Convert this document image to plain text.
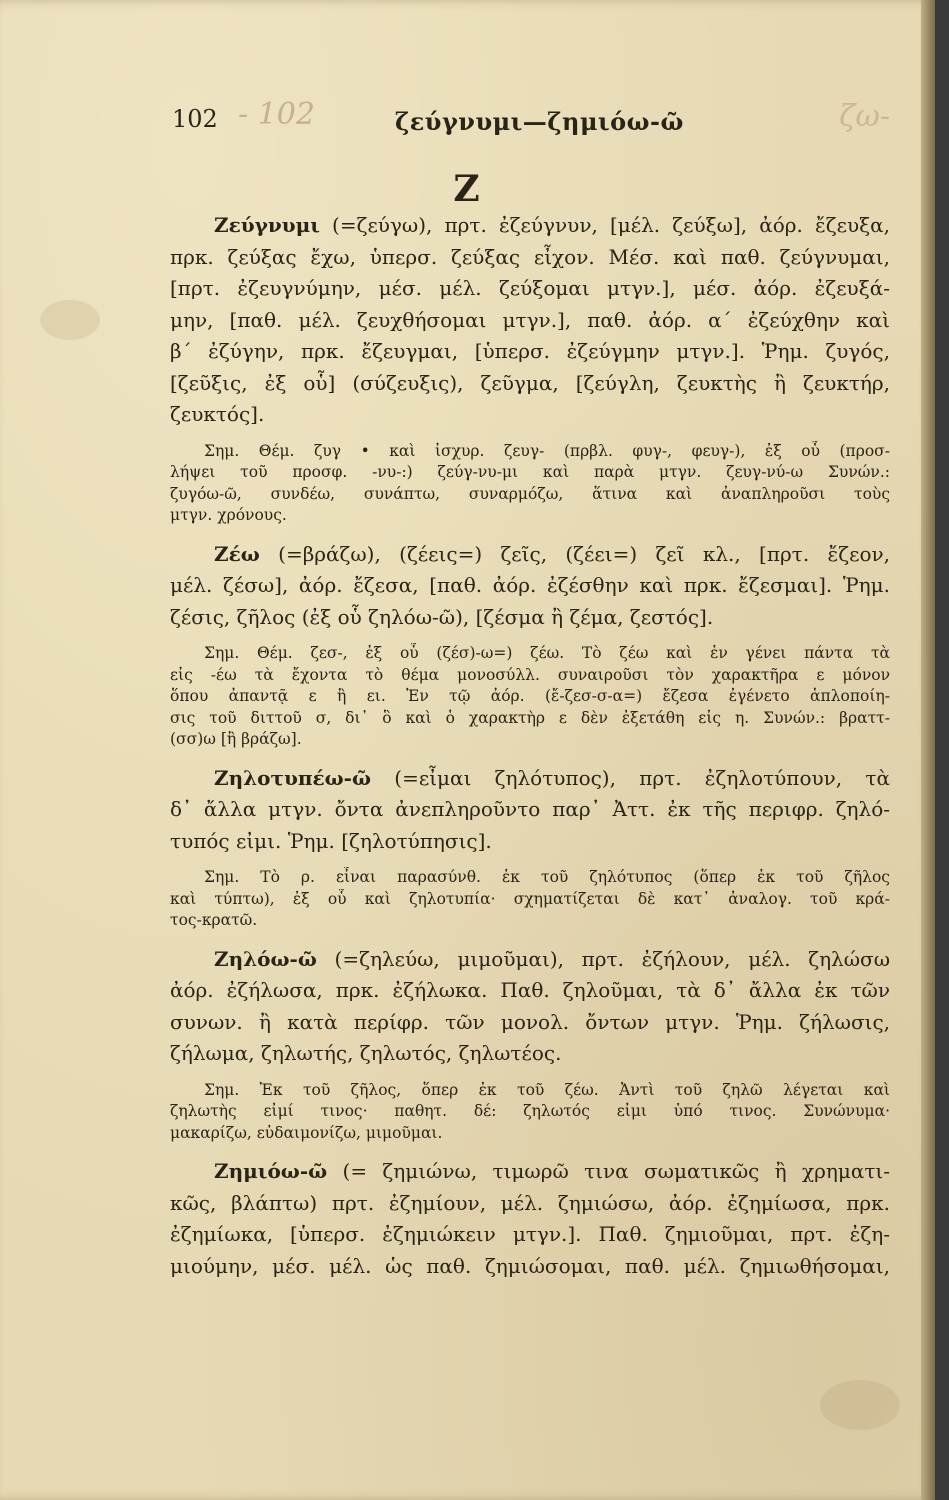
102 - 102	ζεύγνυμι—ζημιόω-ῶ	ζω-
Z
Ζεύγνυμι (=ζεύγω), πρτ. ἐζεύγνυν, [μέλ. ζεύξω], ἀόρ. ἔζευξα,
πρκ. ζεύξας ἔχω, ὑπερσ. ζεύξας εἶχον. Μέσ. καὶ παθ. ζεύγνυμαι,
[πρτ. ἐζευγνύμην, μέσ. μέλ. ζεύξομαι μτγν.], μέσ. ἀόρ. ἐζευξά-
μην, [παθ. μέλ. ζευχθήσομαι μτγν.], παθ. ἀόρ. α´ ἐζεύχθην καὶ
β´ ἐζύγην, πρκ. ἔζευγμαι, [ὑπερσ. ἐζεύγμην μτγν.]. Ῥημ. ζυγός,
[ζεῦξις, ἐξ οὗ] (σύζευξις), ζεῦγμα, [ζεύγλη, ζευκτὴς ἢ ζευκτήρ,
ζευκτός].
Σημ. Θέμ. ζυγ • καὶ ἰσχυρ. ζευγ- (πρβλ. φυγ-, φευγ-), ἐξ οὗ (προσ-
λήψει τοῦ προσφ. -νυ-:) ζεύγ-νυ-μι καὶ παρὰ μτγν. ζευγ-νύ-ω Συνών.:
ζυγόω-ῶ, συνδέω, συνάπτω, συναρμόζω, ἅτινα καὶ ἀναπληροῦσι τοὺς
μτγν. χρόνους.
Ζέω (=βράζω), (ζέεις=) ζεῖς, (ζέει=) ζεῖ κλ., [πρτ. ἔζεον,
μέλ. ζέσω], ἀόρ. ἔζεσα, [παθ. ἀόρ. ἐζέσθην καὶ πρκ. ἔζεσμαι]. Ῥημ.
ζέσις, ζῆλος (ἐξ οὗ ζηλόω-ῶ), [ζέσμα ἢ ζέμα, ζεστός].
Σημ. Θέμ. ζεσ-, ἐξ οὗ (ζέσ)-ω=) ζέω. Τὸ ζέω καὶ ἐν γένει πάντα τὰ
εἰς -έω τὰ ἔχοντα τὸ θέμα μονοσύλλ. συναιροῦσι τὸν χαρακτῆρα ε μόνον
ὅπου ἀπαντᾷ ε ἢ ει. Ἐν τῷ ἀόρ. (ἔ-ζεσ-σ-α=) ἔζεσα ἐγένετο ἁπλοποίη-
σις τοῦ διττοῦ σ, δι᾽ ὃ καὶ ὁ χαρακτὴρ ε δὲν ἐξετάθη εἰς η. Συνών.: βραττ-
(σσ)ω [ἢ βράζω].
Ζηλοτυπέω-ῶ (=εἶμαι ζηλότυπος), πρτ. ἐζηλοτύπουν, τὰ
δ᾽ ἄλλα μτγν. ὄντα ἀνεπληροῦντο παρ᾽ Ἀττ. ἐκ τῆς περιφρ. ζηλό-
τυπός εἰμι. Ῥημ. [ζηλοτύπησις].
Σημ. Τὸ ρ. εἶναι παρασύνθ. ἐκ τοῦ ζηλότυπος (ὅπερ ἐκ τοῦ ζῆλος
καὶ τύπτω), ἐξ οὗ καὶ ζηλοτυπία· σχηματίζεται δὲ κατ᾽ ἀναλογ. τοῦ κρά-
τος-κρατῶ.
Ζηλόω-ῶ (=ζηλεύω, μιμοῦμαι), πρτ. ἐζήλουν, μέλ. ζηλώσω
ἀόρ. ἐζήλωσα, πρκ. ἐζήλωκα. Παθ. ζηλοῦμαι, τὰ δ᾽ ἄλλα ἐκ τῶν
συνων. ἢ κατὰ περίφρ. τῶν μονολ. ὄντων μτγν. Ῥημ. ζήλωσις,
ζήλωμα, ζηλωτής, ζηλωτός, ζηλωτέος.
Σημ. Ἐκ τοῦ ζῆλος, ὅπερ ἐκ τοῦ ζέω. Ἀντὶ τοῦ ζηλῶ λέγεται καὶ
ζηλωτὴς εἰμί τινος· παθητ. δέ: ζηλωτός εἰμι ὑπό τινος. Συνώνυμα·
μακαρίζω, εὐδαιμονίζω, μιμοῦμαι.
Ζημιόω-ῶ (= ζημιώνω, τιμωρῶ τινα σωματικῶς ἢ χρηματι-
κῶς, βλάπτω) πρτ. ἐζημίουν, μέλ. ζημιώσω, ἀόρ. ἐζημίωσα, πρκ.
ἐζημίωκα, [ὑπερσ. ἐζημιώκειν μτγν.]. Παθ. ζημιοῦμαι, πρτ. ἐζη-
μιούμην, μέσ. μέλ. ὡς παθ. ζημιώσομαι, παθ. μέλ. ζημιωθήσομαι,
